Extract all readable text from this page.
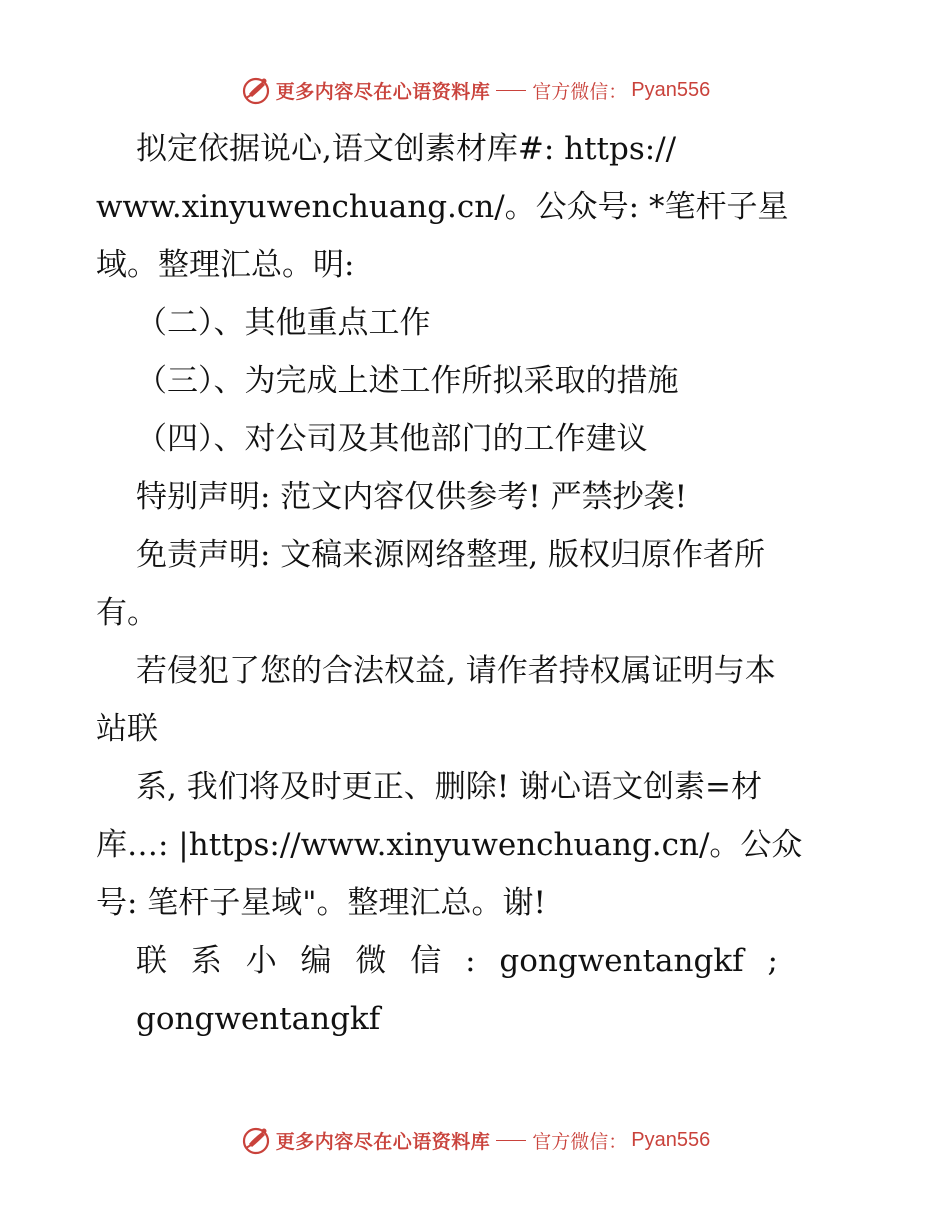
更多内容尽在心语资料库 官方微信： Pyan556
拟定依据说心,语文创素材库#: https://
www.xinyuwenchuang.cn/。公众号: *笔杆子星
域。整理汇总。明:
（二）、其他重点工作
（三）、为完成上述工作所拟采取的措施
（四）、对公司及其他部门的工作建议
特别声明: 范文内容仅供参考! 严禁抄袭!
免责声明: 文稿来源网络整理, 版权归原作者所
有。
若侵犯了您的合法权益, 请作者持权属证明与本
站联
系, 我们将及时更正、删除! 谢心语文创素=材
库…: |https://www.xinyuwenchuang.cn/。公众
号: 笔杆子星域"。整理汇总。谢!
联 系 小 编 微 信 : gongwentangkf ;
gongwentangkf
更多内容尽在心语资料库 官方微信： Pyan556
